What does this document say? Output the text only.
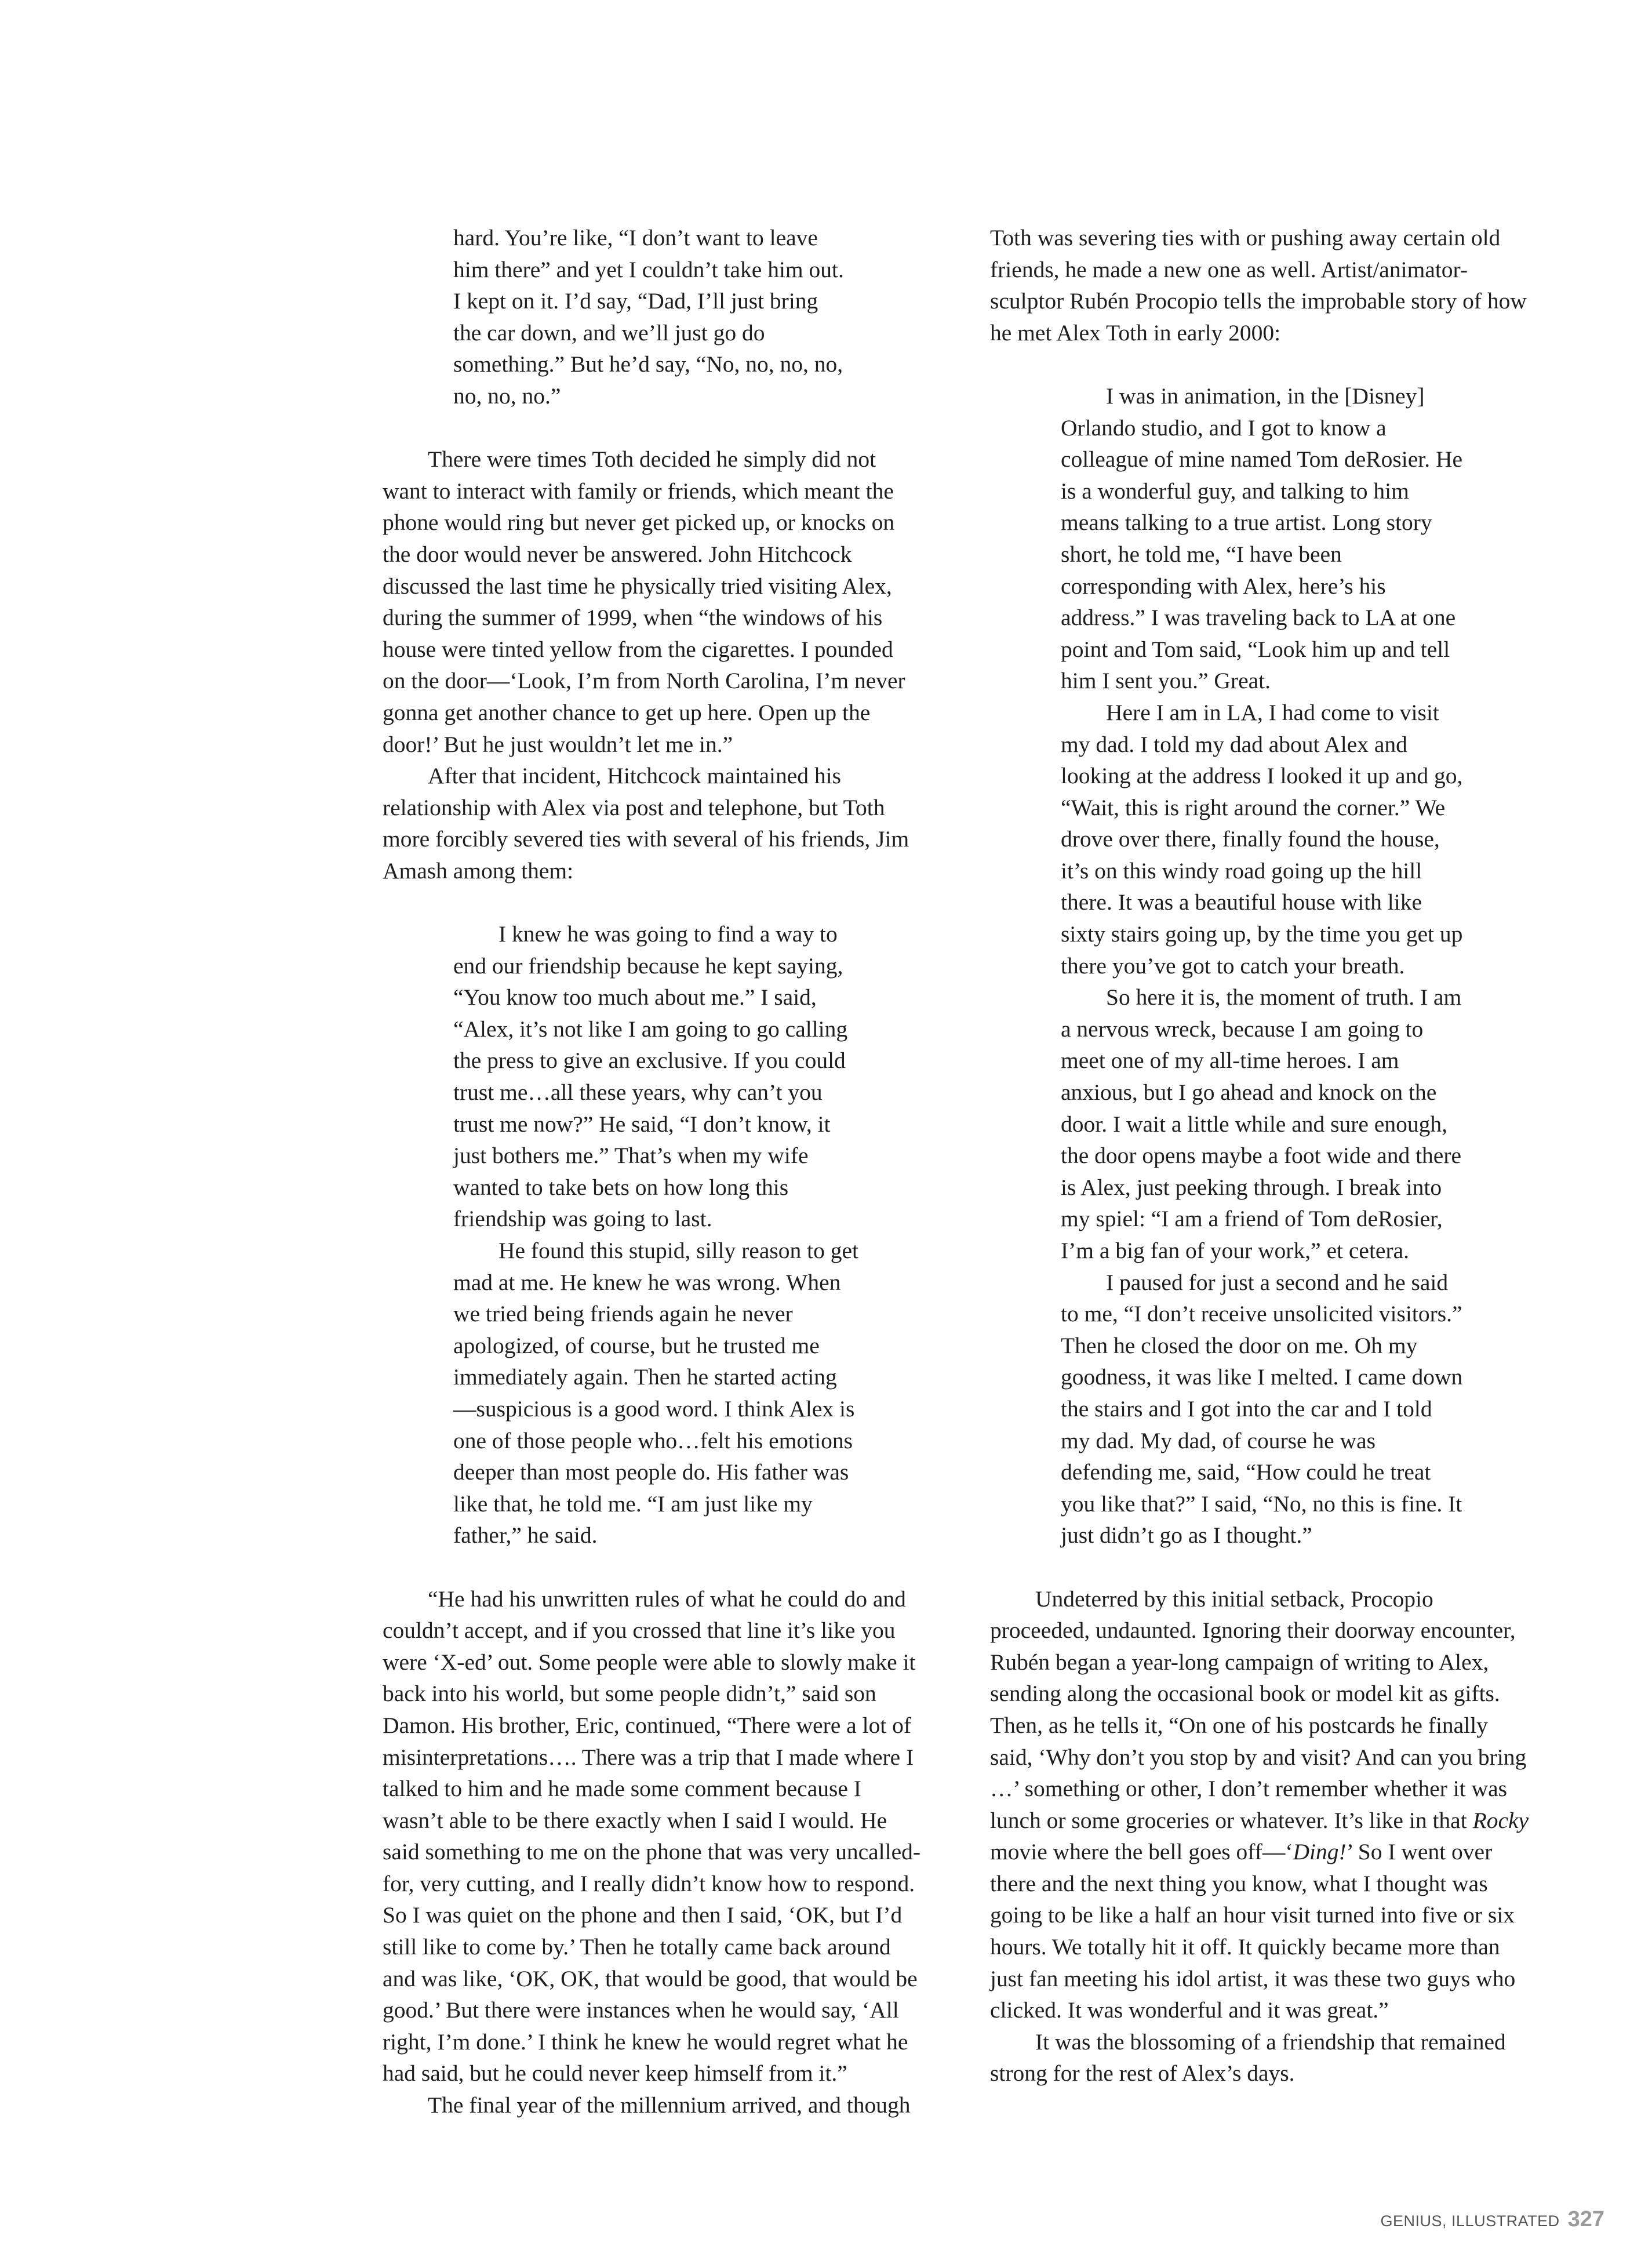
hard. You’re like, “I don’t want to leave him there” and yet I couldn’t take him out. I kept on it. I’d say, “Dad, I’ll just bring the car down, and we’ll just go do something.” But he’d say, “No, no, no, no, no, no, no.”

There were times Toth decided he simply did not want to interact with family or friends, which meant the phone would ring but never get picked up, or knocks on the door would never be answered. John Hitchcock discussed the last time he physically tried visiting Alex, during the summer of 1999, when “the windows of his house were tinted yellow from the cigarettes. I pounded on the door—‘Look, I’m from North Carolina, I’m never gonna get another chance to get up here. Open up the door!’ But he just wouldn’t let me in.”

After that incident, Hitchcock maintained his relationship with Alex via post and telephone, but Toth more forcibly severed ties with several of his friends, Jim Amash among them:

I knew he was going to find a way to end our friendship because he kept saying, “You know too much about me.” I said, “Alex, it’s not like I am going to go calling the press to give an exclusive. If you could trust me…all these years, why can’t you trust me now?” He said, “I don’t know, it just bothers me.” That’s when my wife wanted to take bets on how long this friendship was going to last.

He found this stupid, silly reason to get mad at me. He knew he was wrong. When we tried being friends again he never apologized, of course, but he trusted me immediately again. Then he started acting—suspicious is a good word. I think Alex is one of those people who…felt his emotions deeper than most people do. His father was like that, he told me. “I am just like my father,” he said.

“He had his unwritten rules of what he could do and couldn’t accept, and if you crossed that line it’s like you were ‘X-ed’ out. Some people were able to slowly make it back into his world, but some people didn’t,” said son Damon. His brother, Eric, continued, “There were a lot of misinterpretations…. There was a trip that I made where I talked to him and he made some comment because I wasn’t able to be there exactly when I said I would. He said something to me on the phone that was very uncalled-for, very cutting, and I really didn’t know how to respond. So I was quiet on the phone and then I said, ‘OK, but I’d still like to come by.’ Then he totally came back around and was like, ‘OK, OK, that would be good, that would be good.’ But there were instances when he would say, ‘All right, I’m done.’ I think he knew he would regret what he had said, but he could never keep himself from it.”

The final year of the millennium arrived, and though

Toth was severing ties with or pushing away certain old friends, he made a new one as well. Artist/animator-sculptor Rubén Procopio tells the improbable story of how he met Alex Toth in early 2000:

I was in animation, in the [Disney] Orlando studio, and I got to know a colleague of mine named Tom deRosier. He is a wonderful guy, and talking to him means talking to a true artist. Long story short, he told me, “I have been corresponding with Alex, here’s his address.” I was traveling back to LA at one point and Tom said, “Look him up and tell him I sent you.” Great.

Here I am in LA, I had come to visit my dad. I told my dad about Alex and looking at the address I looked it up and go, “Wait, this is right around the corner.” We drove over there, finally found the house, it’s on this windy road going up the hill there. It was a beautiful house with like sixty stairs going up, by the time you get up there you’ve got to catch your breath.

So here it is, the moment of truth. I am a nervous wreck, because I am going to meet one of my all-time heroes. I am anxious, but I go ahead and knock on the door. I wait a little while and sure enough, the door opens maybe a foot wide and there is Alex, just peeking through. I break into my spiel: “I am a friend of Tom deRosier, I’m a big fan of your work,” et cetera.

I paused for just a second and he said to me, “I don’t receive unsolicited visitors.” Then he closed the door on me. Oh my goodness, it was like I melted. I came down the stairs and I got into the car and I told my dad. My dad, of course he was defending me, said, “How could he treat you like that?” I said, “No, no this is fine. It just didn’t go as I thought.”

Undeterred by this initial setback, Procopio proceeded, undaunted. Ignoring their doorway encounter, Rubén began a year-long campaign of writing to Alex, sending along the occasional book or model kit as gifts. Then, as he tells it, “On one of his postcards he finally said, ‘Why don’t you stop by and visit? And can you bring …’ something or other, I don’t remember whether it was lunch or some groceries or whatever. It’s like in that Rocky movie where the bell goes off—‘Ding!’ So I went over there and the next thing you know, what I thought was going to be like a half an hour visit turned into five or six hours. We totally hit it off. It quickly became more than just fan meeting his idol artist, it was these two guys who clicked. It was wonderful and it was great.”

It was the blossoming of a friendship that remained strong for the rest of Alex’s days.

GENIUS, ILLUSTRATED 327
